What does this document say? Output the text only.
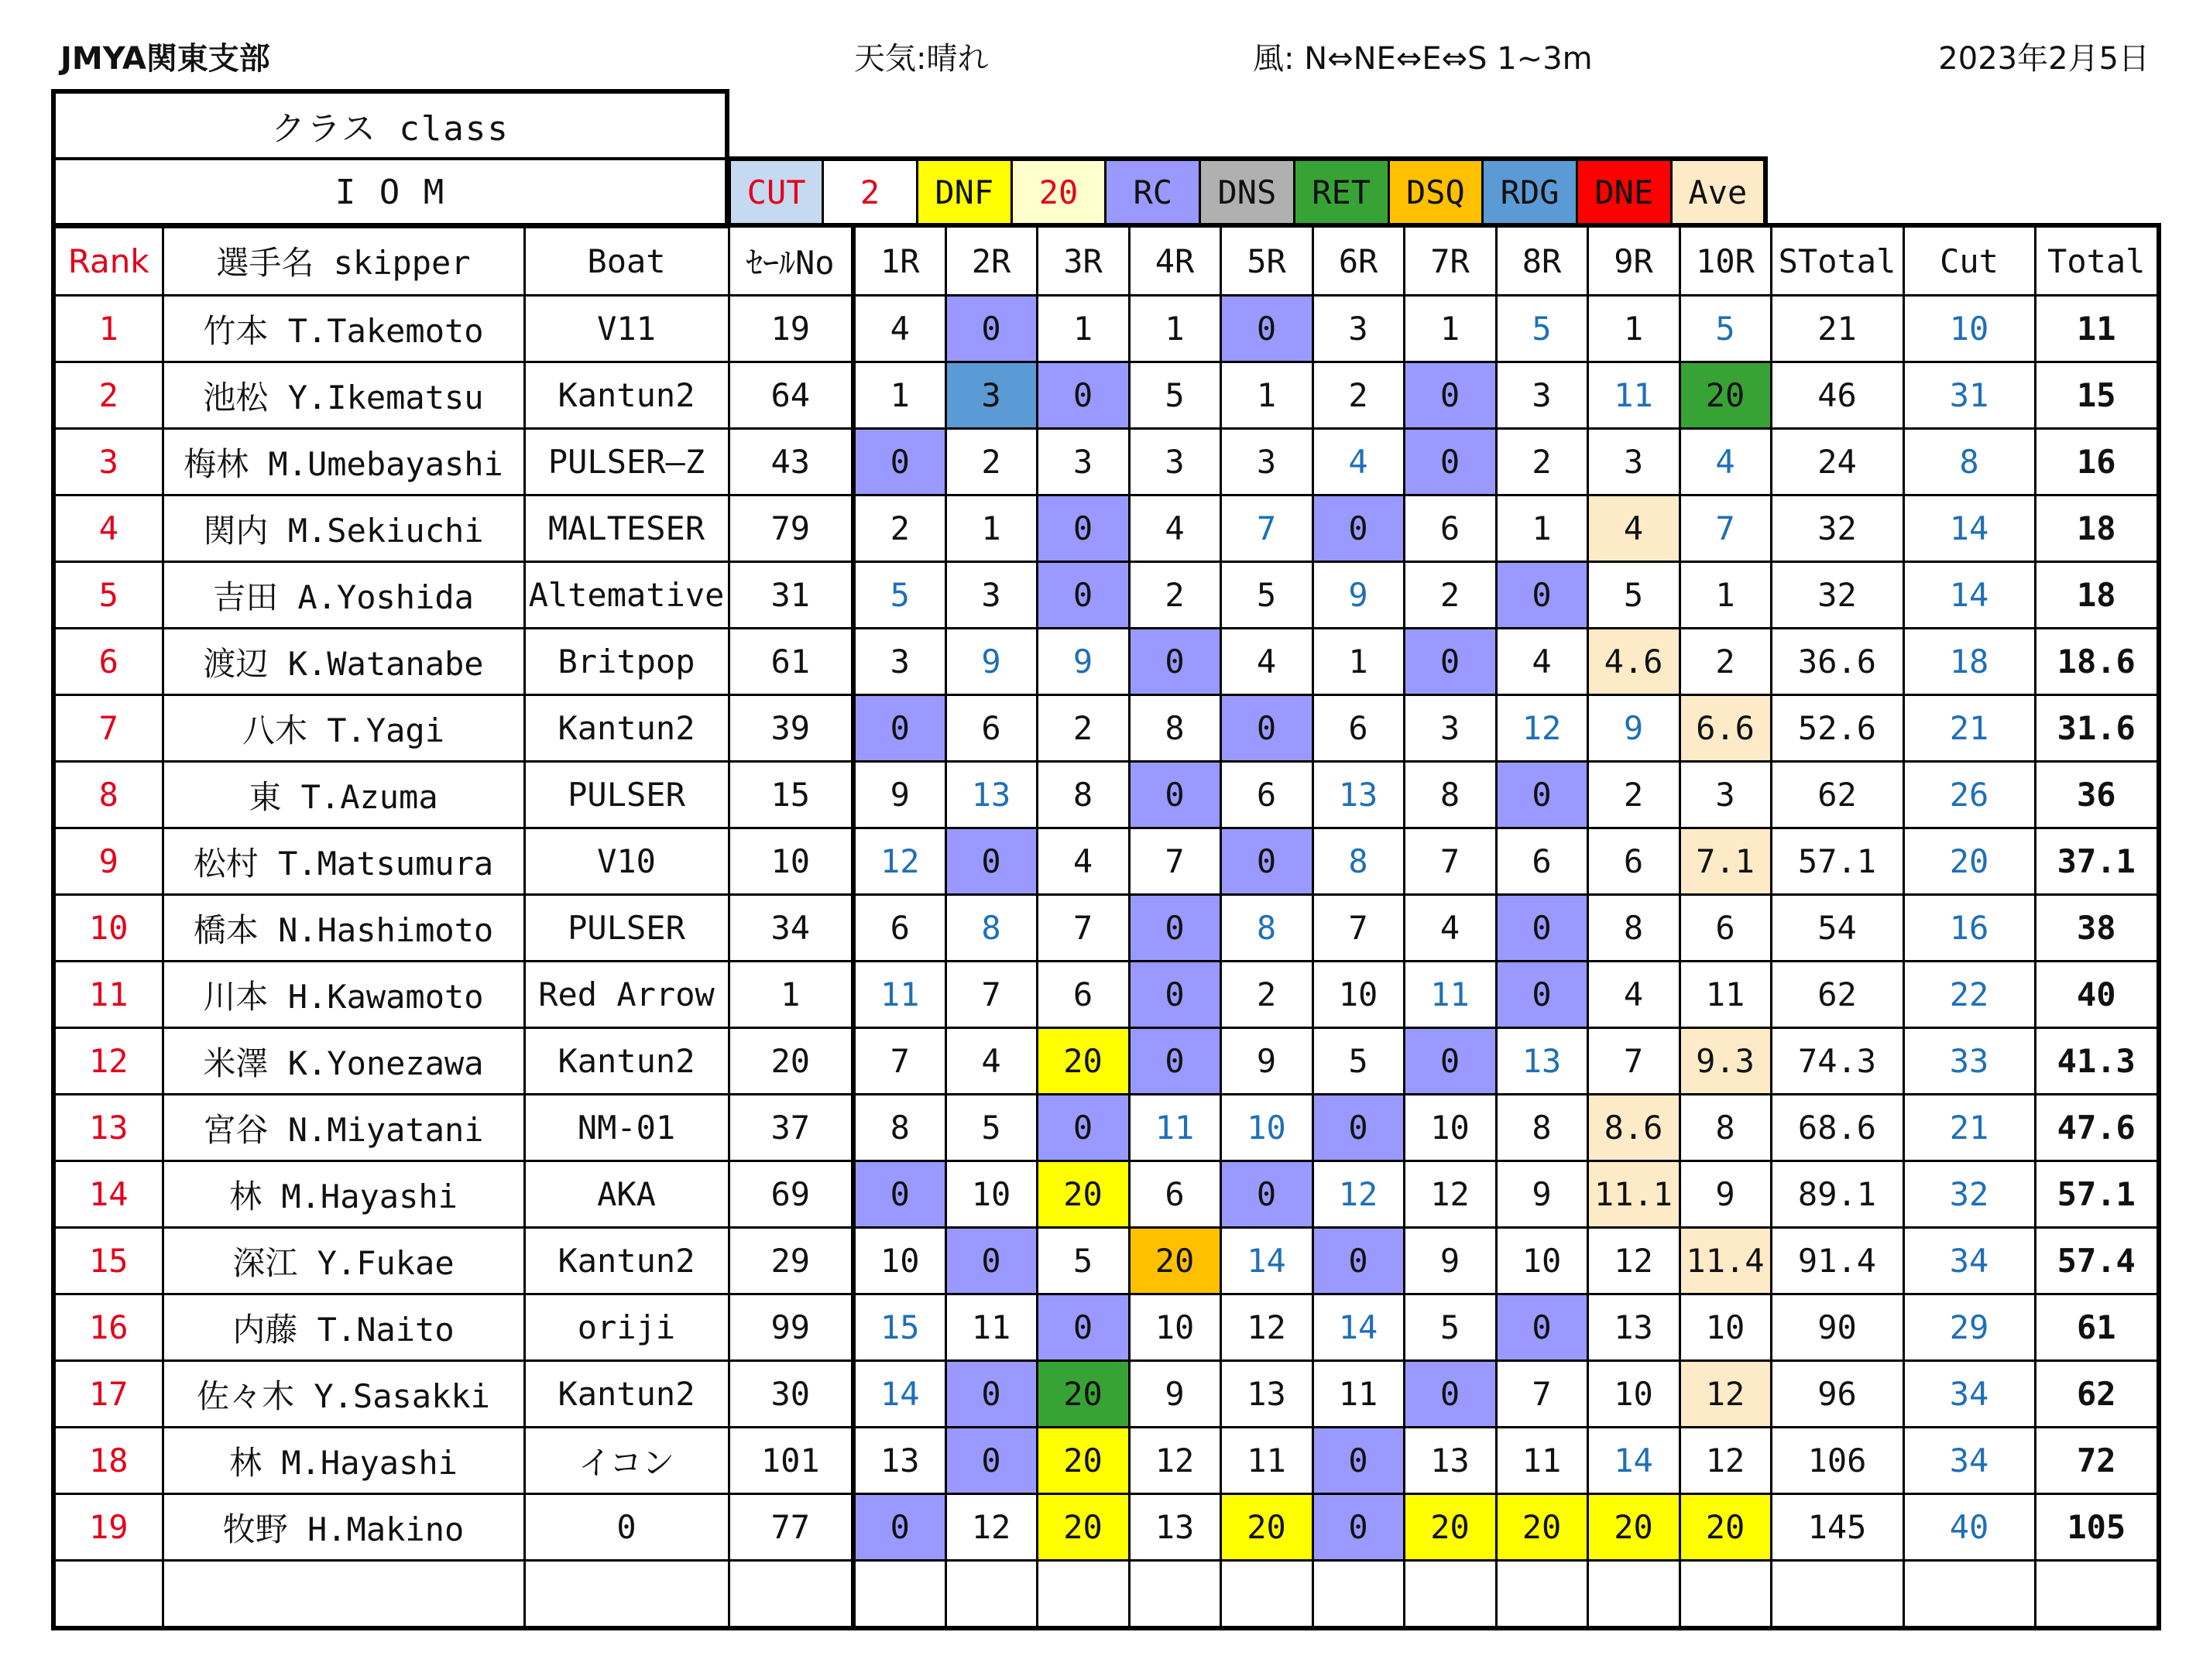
JMYA関東支部	天気:晴れ	風: N⇔NE⇔E⇔S 1~3m	2023年2月5日
クラス class
I O M	CUT	2	DNF	20	RC	DNS	RET	DSQ	RDG	DNE	Ave
Rank	選手名 skipper	Boat	ｾｰﾙNo	1R	2R	3R	4R	5R	6R	7R	8R	9R	10R	STotal	Cut	Total
1	竹本 T.Takemoto	V11	19	4	0	1	1	0	3	1	5	1	5	21	10	11
2	池松 Y.Ikematsu	Kantun2	64	1	3	0	5	1	2	0	3	11	20	46	31	15
3	梅林 M.Umebayashi	PULSER—Z	43	0	2	3	3	3	4	0	2	3	4	24	8	16
4	関内 M.Sekiuchi	MALTESER	79	2	1	0	4	7	0	6	1	4	7	32	14	18
5	吉田 A.Yoshida	Altemative	31	5	3	0	2	5	9	2	0	5	1	32	14	18
6	渡辺 K.Watanabe	Britpop	61	3	9	9	0	4	1	0	4	4.6	2	36.6	18	18.6
7	八木 T.Yagi	Kantun2	39	0	6	2	8	0	6	3	12	9	6.6	52.6	21	31.6
8	東 T.Azuma	PULSER	15	9	13	8	0	6	13	8	0	2	3	62	26	36
9	松村 T.Matsumura	V10	10	12	0	4	7	0	8	7	6	6	7.1	57.1	20	37.1
10	橋本 N.Hashimoto	PULSER	34	6	8	7	0	8	7	4	0	8	6	54	16	38
11	川本 H.Kawamoto	Red Arrow	1	11	7	6	0	2	10	11	0	4	11	62	22	40
12	米澤 K.Yonezawa	Kantun2	20	7	4	20	0	9	5	0	13	7	9.3	74.3	33	41.3
13	宮谷 N.Miyatani	NM-01	37	8	5	0	11	10	0	10	8	8.6	8	68.6	21	47.6
14	林 M.Hayashi	AKA	69	0	10	20	6	0	12	12	9	11.1	9	89.1	32	57.1
15	深江 Y.Fukae	Kantun2	29	10	0	5	20	14	0	9	10	12	11.4	91.4	34	57.4
16	内藤 T.Naito	oriji	99	15	11	0	10	12	14	5	0	13	10	90	29	61
17	佐々木 Y.Sasakki	Kantun2	30	14	0	20	9	13	11	0	7	10	12	96	34	62
18	林 M.Hayashi	イコン	101	13	0	20	12	11	0	13	11	14	12	106	34	72
19	牧野 H.Makino	0	77	0	12	20	13	20	0	20	20	20	20	145	40	105
